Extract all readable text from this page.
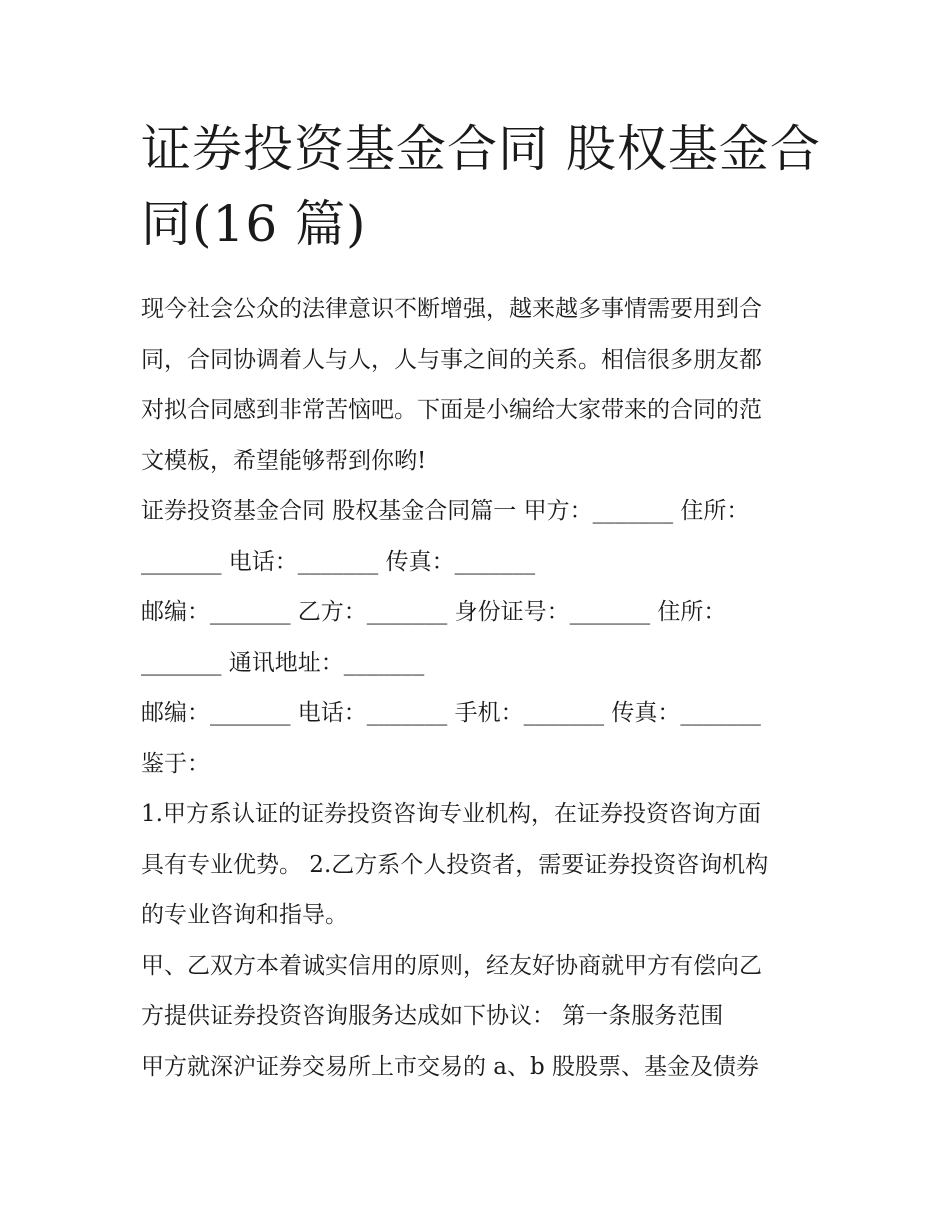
证券投资基金合同 股权基金合
同(16 篇)

现今社会公众的法律意识不断增强，越来越多事情需要用到合
同，合同协调着人与人，人与事之间的关系。相信很多朋友都
对拟合同感到非常苦恼吧。下面是小编给大家带来的合同的范
文模板，希望能够帮到你哟!

证券投资基金合同 股权基金合同篇一 甲方：_______ 住所：
_______ 电话：_______ 传真：_______
邮编：_______ 乙方：_______ 身份证号：_______ 住所：
_______ 通讯地址：_______
邮编：_______ 电话：_______ 手机：_______ 传真：_______
鉴于：
1.甲方系认证的证券投资咨询专业机构，在证券投资咨询方面
具有专业优势。 2.乙方系个人投资者，需要证券投资咨询机构
的专业咨询和指导。
甲、乙双方本着诚实信用的原则，经友好协商就甲方有偿向乙
方提供证券投资咨询服务达成如下协议： 第一条服务范围
甲方就深沪证券交易所上市交易的 a、b 股股票、基金及债券
